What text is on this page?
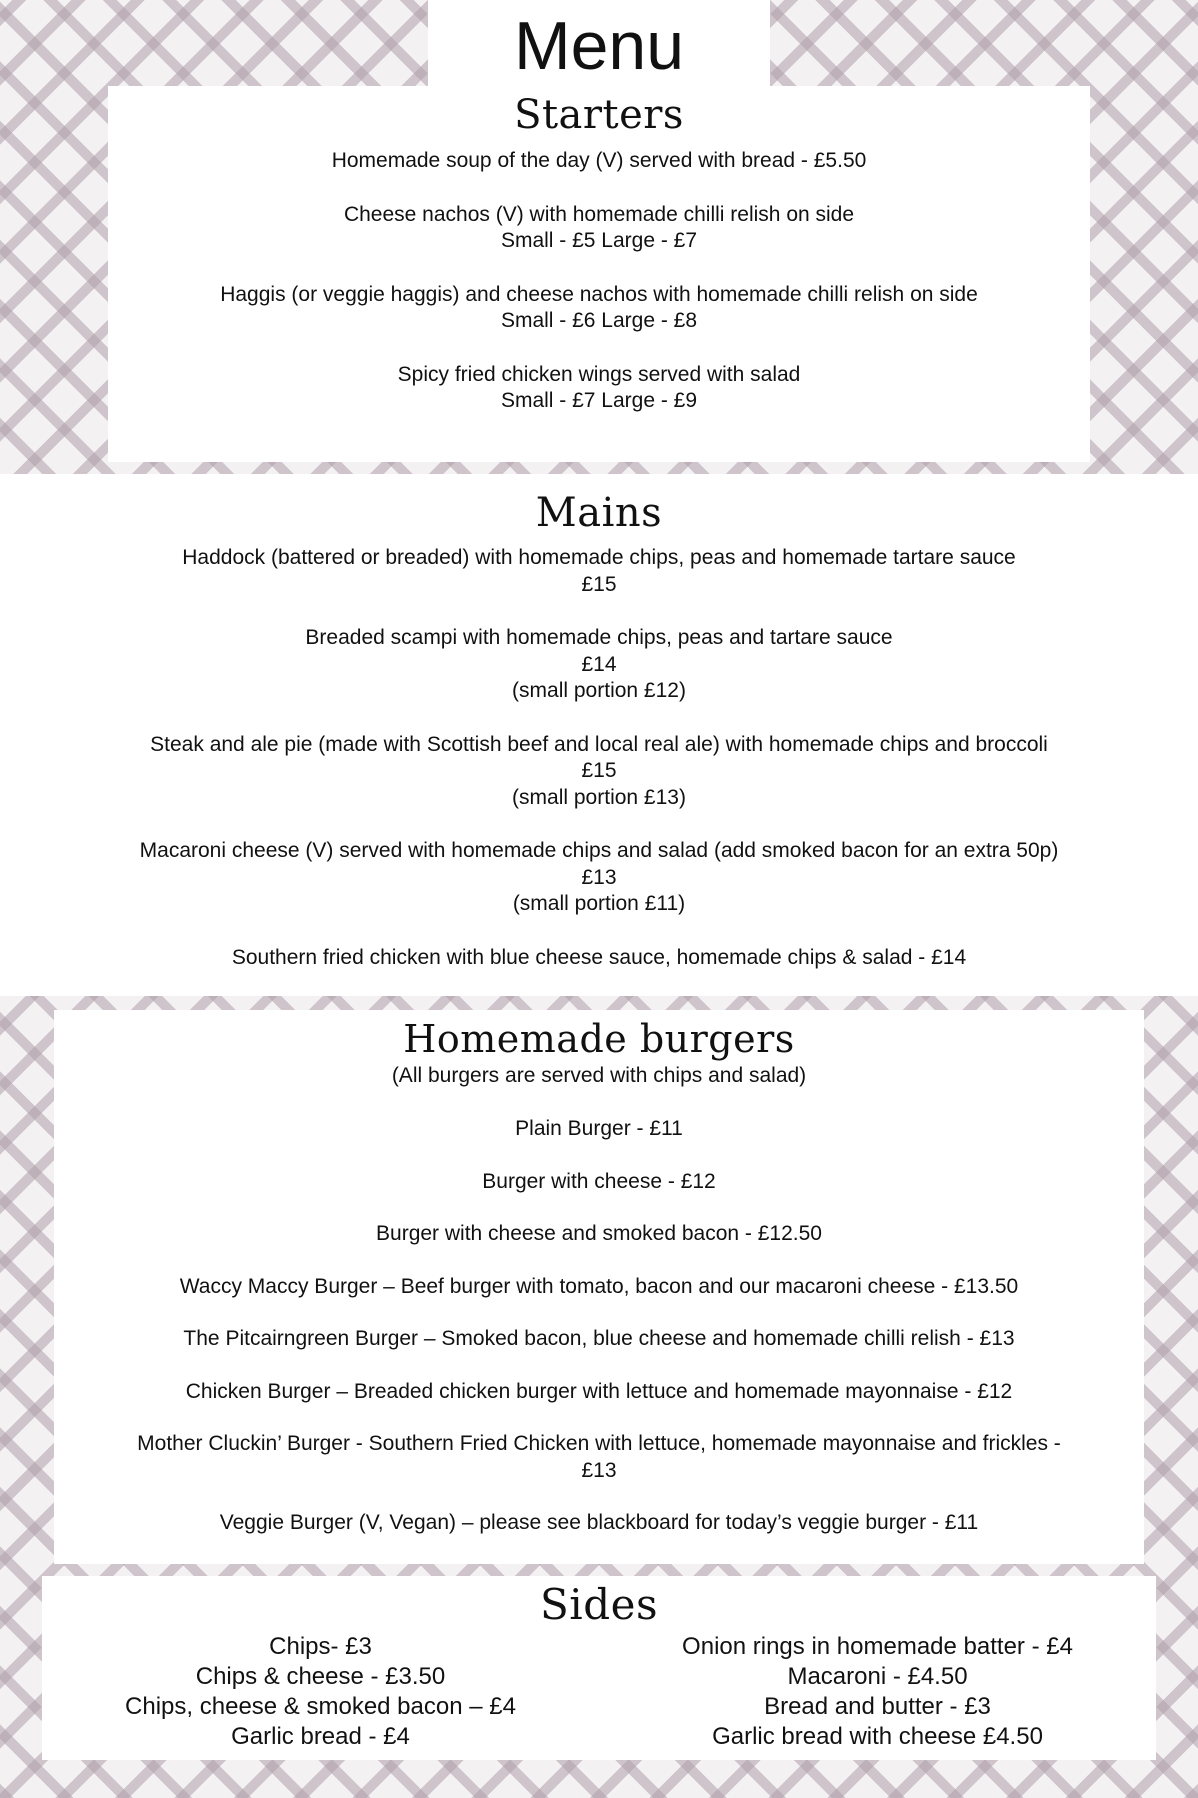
Menu
Starters
Homemade soup of the day (V) served with bread - £5.50
Cheese nachos (V) with homemade chilli relish on side
Small - £5 Large - £7
Haggis (or veggie haggis) and cheese nachos with homemade chilli relish on side
Small - £6 Large - £8
Spicy fried chicken wings served with salad
Small - £7 Large - £9
Mains
Haddock (battered or breaded) with homemade chips, peas and homemade tartare sauce
£15
Breaded scampi with homemade chips, peas and tartare sauce
£14
(small portion £12)
Steak and ale pie (made with Scottish beef and local real ale) with homemade chips and broccoli
£15
(small portion £13)
Macaroni cheese (V) served with homemade chips and salad (add smoked bacon for an extra 50p)
£13
(small portion £11)
Southern fried chicken with blue cheese sauce, homemade chips & salad - £14
Homemade burgers
(All burgers are served with chips and salad)
Plain Burger - £11
Burger with cheese - £12
Burger with cheese and smoked bacon - £12.50
Waccy Maccy Burger – Beef burger with tomato, bacon and our macaroni cheese - £13.50
The Pitcairngreen Burger – Smoked bacon, blue cheese and homemade chilli relish - £13
Chicken Burger – Breaded chicken burger with lettuce and homemade mayonnaise - £12
Mother Cluckin’ Burger - Southern Fried Chicken with lettuce, homemade mayonnaise and frickles -
£13
Veggie Burger (V, Vegan) – please see blackboard for today’s veggie burger - £11
Sides
Chips- £3
Chips & cheese - £3.50
Chips, cheese & smoked bacon – £4
Garlic bread - £4
Onion rings in homemade batter - £4
Macaroni - £4.50
Bread and butter - £3
Garlic bread with cheese £4.50
